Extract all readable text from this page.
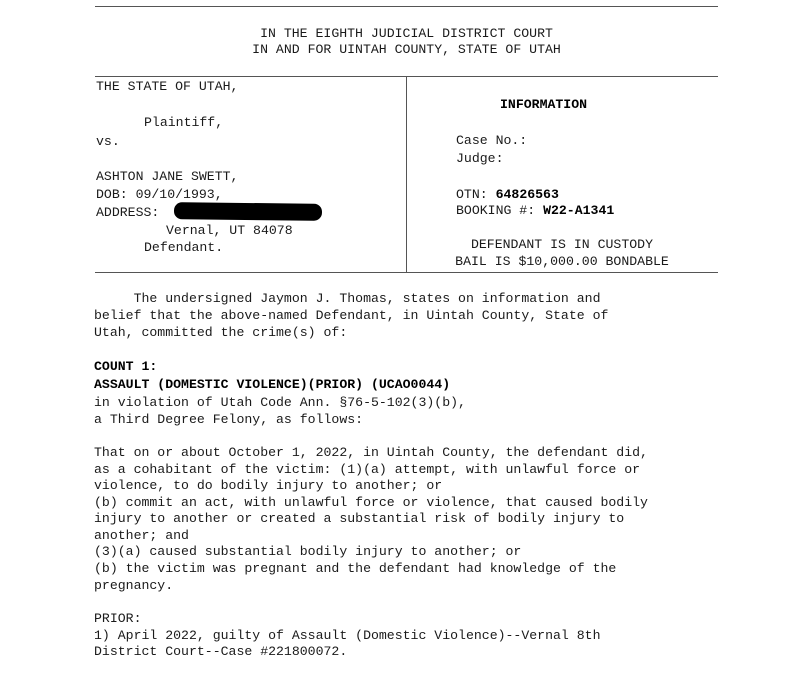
IN THE EIGHTH JUDICIAL DISTRICT COURT
IN AND FOR UINTAH COUNTY, STATE OF UTAH
THE STATE OF UTAH,
Plaintiff,
vs.
ASHTON JANE SWETT,
DOB: 09/10/1993,
ADDRESS:
Vernal, UT 84078
Defendant.
INFORMATION
Case No.:
Judge:
OTN: 64826563
BOOKING #: W22-A1341
DEFENDANT IS IN CUSTODY
BAIL IS $10,000.00 BONDABLE
The undersigned Jaymon J. Thomas, states on information and
belief that the above-named Defendant, in Uintah County, State of
Utah, committed the crime(s) of:
COUNT 1:
ASSAULT (DOMESTIC VIOLENCE)(PRIOR) (UCAO0044)
in violation of Utah Code Ann. §76-5-102(3)(b),
a Third Degree Felony, as follows:
That on or about October 1, 2022, in Uintah County, the defendant did,
as a cohabitant of the victim: (1)(a) attempt, with unlawful force or
violence, to do bodily injury to another; or
(b) commit an act, with unlawful force or violence, that caused bodily
injury to another or created a substantial risk of bodily injury to
another; and
(3)(a) caused substantial bodily injury to another; or
(b) the victim was pregnant and the defendant had knowledge of the
pregnancy.
PRIOR:
1) April 2022, guilty of Assault (Domestic Violence)--Vernal 8th
District Court--Case #221800072.
